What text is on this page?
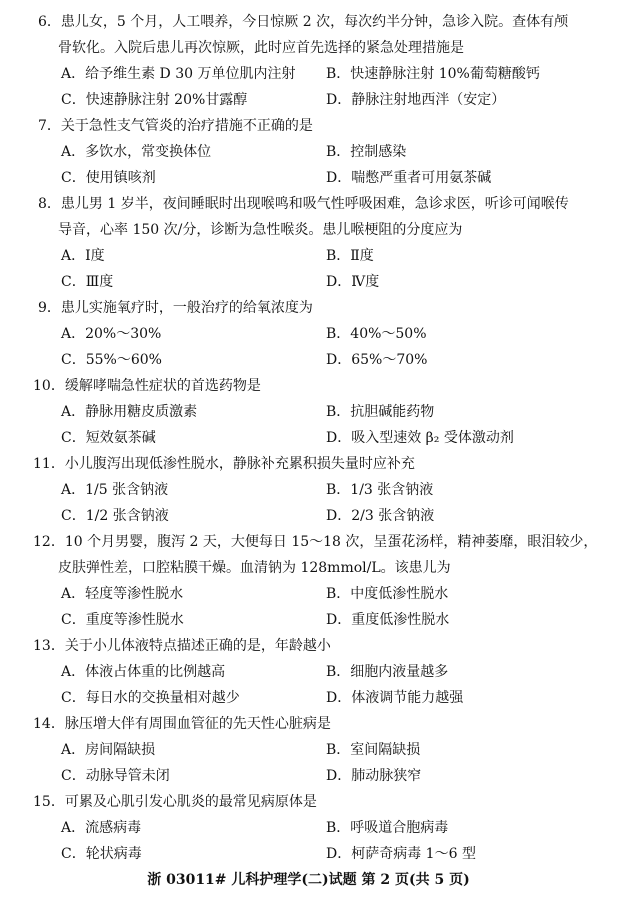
6．患儿女，5 个月，人工喂养，今日惊厥 2 次，每次约半分钟，急诊入院。查体有颅
骨软化。入院后患儿再次惊厥，此时应首先选择的紧急处理措施是
A．给予维生素 D 30 万单位肌内注射 B．快速静脉注射 10%葡萄糖酸钙
C．快速静脉注射 20%甘露醇	D．静脉注射地西泮（安定）
7．关于急性支气管炎的治疗措施不正确的是
A．多饮水，常变换体位	B．控制感染
C．使用镇咳剂	D．喘憋严重者可用氨茶碱
8．患儿男 1 岁半，夜间睡眠时出现喉鸣和吸气性呼吸困难，急诊求医，听诊可闻喉传
导音，心率 150 次/分，诊断为急性喉炎。患儿喉梗阻的分度应为
A．Ⅰ度	B．Ⅱ度
C．Ⅲ度	D．Ⅳ度
9．患儿实施氧疗时，一般治疗的给氧浓度为
A．20%～30%	B．40%～50%
C．55%～60%	D．65%～70%
10．缓解哮喘急性症状的首选药物是
A．静脉用糖皮质激素	B．抗胆碱能药物
C．短效氨茶碱	D．吸入型速效 β₂ 受体激动剂
11．小儿腹泻出现低渗性脱水，静脉补充累积损失量时应补充
A．1/5 张含钠液	B．1/3 张含钠液
C．1/2 张含钠液	D．2/3 张含钠液
12．10 个月男婴，腹泻 2 天，大便每日 15～18 次，呈蛋花汤样，精神萎靡，眼泪较少，
皮肤弹性差，口腔粘膜干燥。血清钠为 128mmol/L。该患儿为
A．轻度等渗性脱水	B．中度低渗性脱水
C．重度等渗性脱水	D．重度低渗性脱水
13．关于小儿体液特点描述正确的是，年龄越小
A．体液占体重的比例越高	B．细胞内液量越多
C．每日水的交换量相对越少	D．体液调节能力越强
14．脉压增大伴有周围血管征的先天性心脏病是
A．房间隔缺损	B．室间隔缺损
C．动脉导管未闭	D．肺动脉狭窄
15．可累及心肌引发心肌炎的最常见病原体是
A．流感病毒	B．呼吸道合胞病毒
C．轮状病毒	D．柯萨奇病毒 1～6 型
浙 03011# 儿科护理学(二)试题 第 2 页(共 5 页)
